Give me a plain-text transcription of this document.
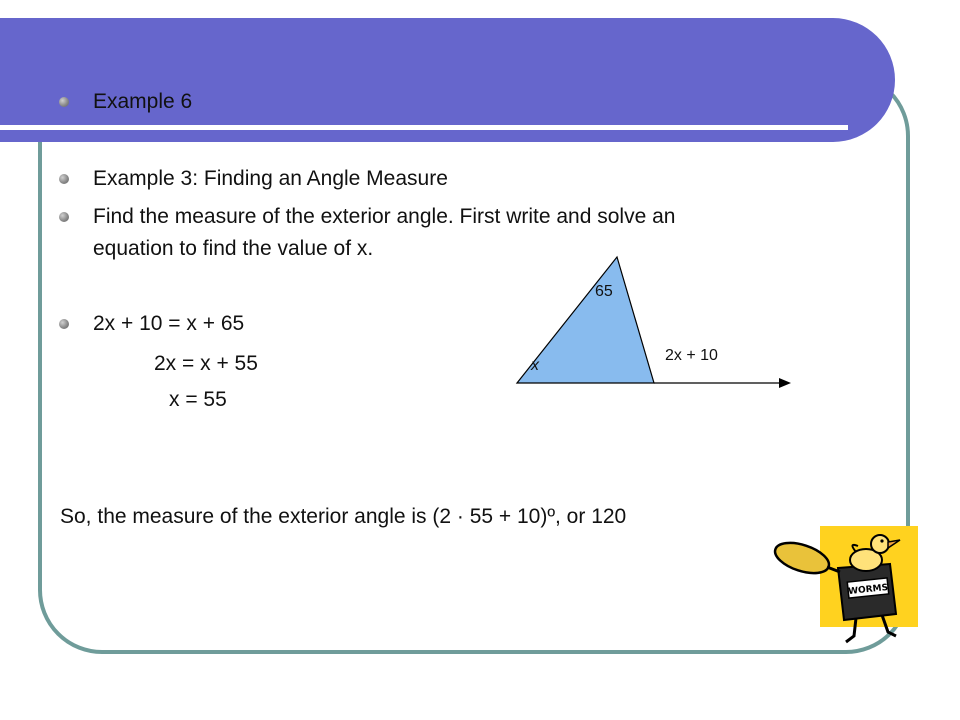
Example 6
Example 3: Finding an Angle Measure
Find the measure of the exterior angle. First write and solve an
equation to find the value of x.
2x + 10 = x + 65
2x = x + 55
x = 55
So, the measure of the exterior angle is (2 · 55 + 10)º, or 120
65
x
2x + 10
WORMS
